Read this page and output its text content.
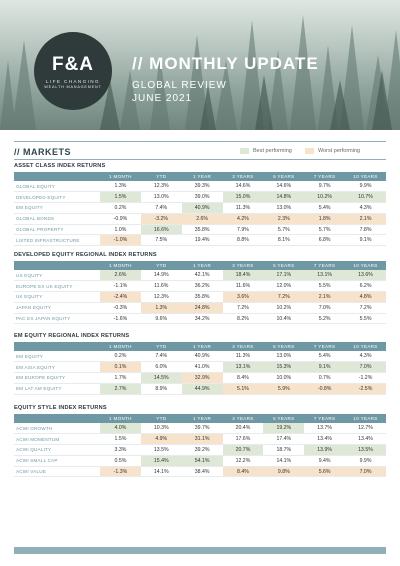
F&A
LIFE CHANGING
WEALTH MANAGEMENT
// MONTHLY UPDATE
GLOBAL REVIEW
JUNE 2021
// MARKETS	Best performing	Worst performing
ASSET CLASS INDEX RETURNS
	1 MONTH	YTD	1 YEAR	3 YEARS	5 YEARS	7 YEARS	10 YEARS
GLOBAL EQUITY	1.3%	12.3%	39.3%	14.6%	14.6%	9.7%	9.9%
DEVELOPED EQUITY	1.5%	13.0%	39.0%	15.0%	14.8%	10.2%	10.7%
EM EQUITY	0.2%	7.4%	40.9%	11.3%	13.0%	5.4%	4.3%
GLOBAL BONDS	-0.9%	-3.2%	2.6%	4.2%	2.3%	1.8%	2.1%
GLOBAL PROPERTY	1.0%	16.6%	35.8%	7.9%	5.7%	5.7%	7.8%
LISTED INFRASTRUCTURE	-1.0%	7.5%	19.4%	8.8%	8.1%	6.8%	9.1%
DEVELOPED EQUITY REGIONAL INDEX RETURNS
	1 MONTH	YTD	1 YEAR	3 YEARS	5 YEARS	7 YEARS	10 YEARS
US EQUITY	2.6%	14.9%	42.1%	18.4%	17.1%	13.1%	13.6%
EUROPE EX UK EQUITY	-1.1%	11.6%	36.2%	11.6%	12.0%	5.5%	6.2%
UK EQUITY	-2.4%	12.3%	35.8%	3.6%	7.2%	2.1%	4.8%
JAPAN EQUITY	-0.3%	1.3%	24.8%	7.2%	10.2%	7.0%	7.2%
PAC EX JAPAN EQUITY	-1.6%	9.6%	34.2%	8.2%	10.4%	5.2%	5.5%
EM EQUITY REGIONAL INDEX RETURNS
	1 MONTH	YTD	1 YEAR	3 YEARS	5 YEARS	7 YEARS	10 YEARS
EM EQUITY	0.2%	7.4%	40.9%	11.3%	13.0%	5.4%	4.3%
EM ASIA EQUITY	0.1%	6.0%	41.0%	13.1%	15.3%	9.1%	7.0%
EM EUROPE EQUITY	1.7%	14.5%	32.9%	8.4%	10.0%	0.7%	-1.2%
EM LAT AM EQUITY	2.7%	8.9%	44.9%	5.1%	5.9%	-0.8%	-2.5%
EQUITY STYLE INDEX RETURNS
	1 MONTH	YTD	1 YEAR	3 YEARS	5 YEARS	7 YEARS	10 YEARS
ACWI GROWTH	4.0%	10.3%	39.7%	20.4%	19.2%	13.7%	12.7%
ACWI MOMENTUM	1.5%	4.9%	31.1%	17.6%	17.4%	13.4%	13.4%
ACWI QUALITY	3.3%	13.5%	39.2%	20.7%	18.7%	13.9%	13.5%
ACWI SMALL CAP	0.5%	15.4%	54.1%	12.2%	14.1%	9.4%	9.9%
ACWI VALUE	-1.3%	14.1%	38.4%	8.4%	9.8%	5.6%	7.0%
